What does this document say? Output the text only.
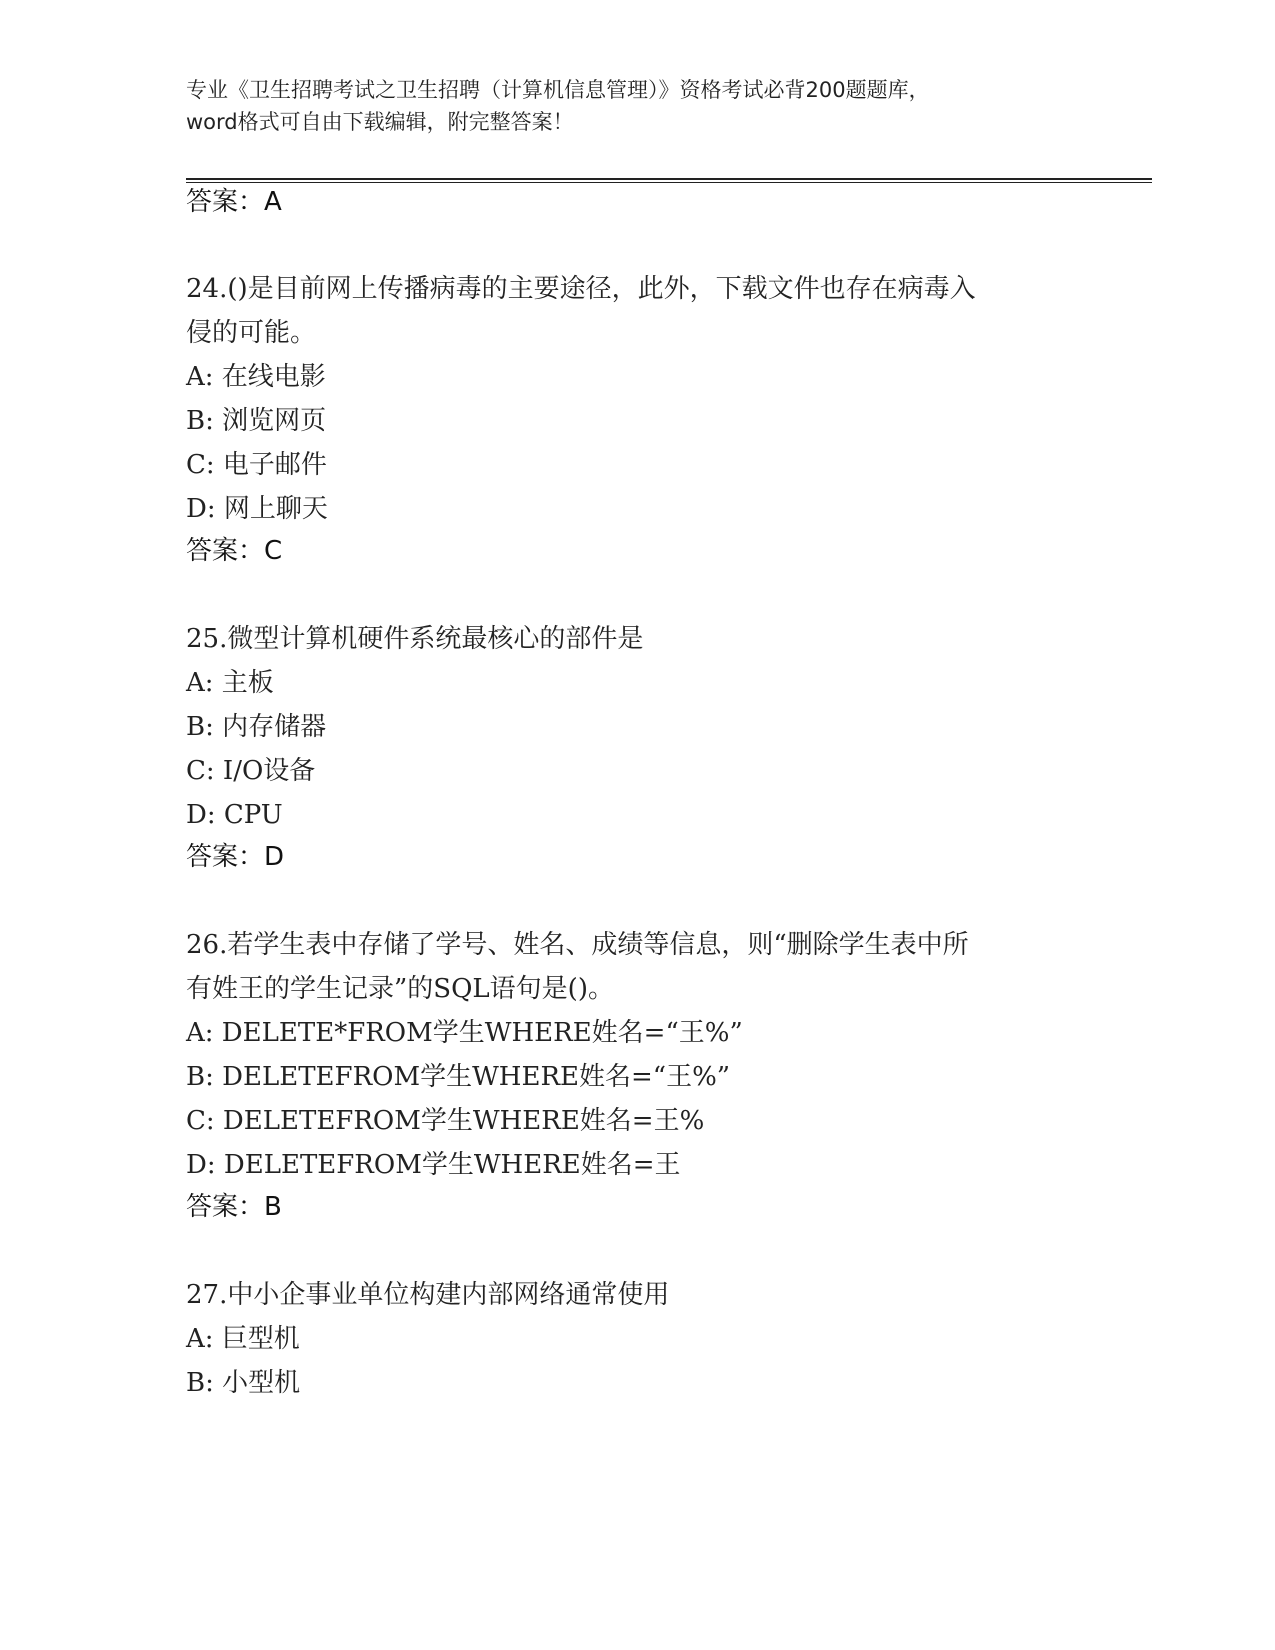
专业《卫生招聘考试之卫生招聘（计算机信息管理）》资格考试必背200题题库，
word格式可自由下载编辑，附完整答案！
答案：A
24.()是目前网上传播病毒的主要途径，此外，下载文件也存在病毒入
侵的可能。
A: 在线电影
B: 浏览网页
C: 电子邮件
D: 网上聊天
答案：C
25.微型计算机硬件系统最核心的部件是
A: 主板
B: 内存储器
C: I/O设备
D: CPU
答案：D
26.若学生表中存储了学号、姓名、成绩等信息，则“删除学生表中所
有姓王的学生记录”的SQL语句是()。
A: DELETE*FROM学生WHERE姓名=“王%”
B: DELETEFROM学生WHERE姓名=“王%”
C: DELETEFROM学生WHERE姓名=王%
D: DELETEFROM学生WHERE姓名=王
答案：B
27.中小企事业单位构建内部网络通常使用
A: 巨型机
B: 小型机
